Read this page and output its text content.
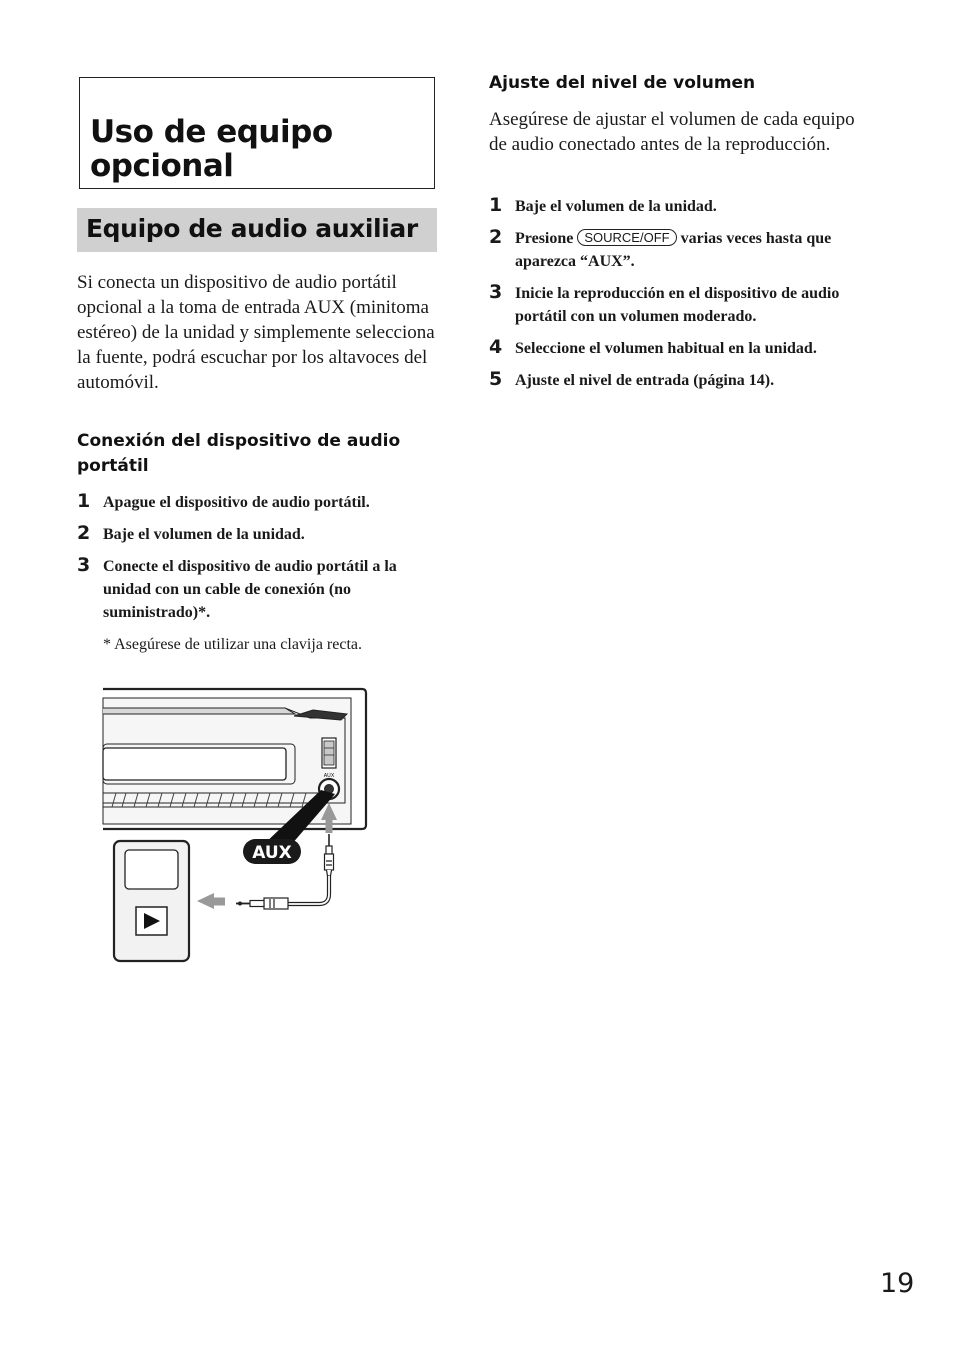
Uso de equipo
opcional
Equipo de audio auxiliar

Si conecta un dispositivo de audio portátil opcional a la toma de entrada AUX (minitoma estéreo) de la unidad y simplemente selecciona la fuente, podrá escuchar por los altavoces del automóvil.

Conexión del dispositivo de audio portátil
1 Apague el dispositivo de audio portátil.
2 Baje el volumen de la unidad.
3 Conecte el dispositivo de audio portátil a la unidad con un cable de conexión (no suministrado)*.

* Asegúrese de utilizar una clavija recta.

AUX
AUX
Ajuste del nivel de volumen

Asegúrese de ajustar el volumen de cada equipo de audio conectado antes de la reproducción.

1 Baje el volumen de la unidad.
2 Presione SOURCE/OFF varias veces hasta que aparezca “AUX”.
3 Inicie la reproducción en el dispositivo de audio portátil con un volumen moderado.
4 Seleccione el volumen habitual en la unidad.
5 Ajuste el nivel de entrada (página 14).

19
